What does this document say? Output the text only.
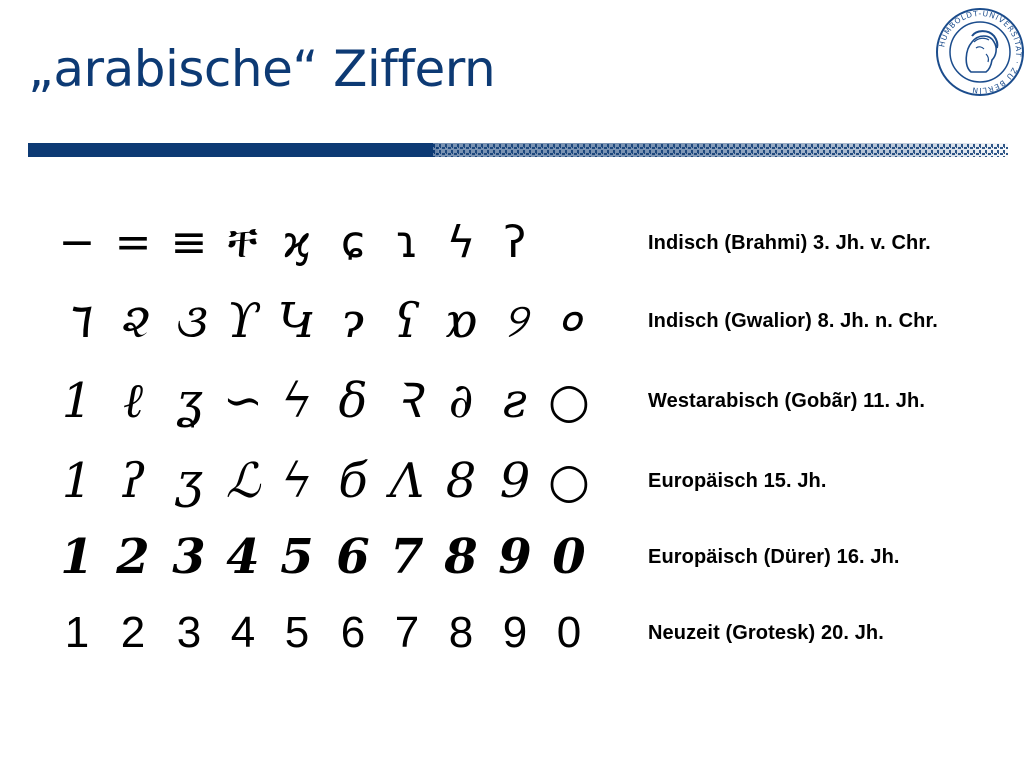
„arabische“ Ziffern	HUMBOLDT-UNIVERSITÄT · ZU BERLIN
− = ≡ ቸ ϗ ɕ ɿ ϟ ʔ	Indisch (Brahmi) 3. Jh. v. Chr.
٦ ૨ ૩ ϒ Կ ɂ ʕ ɒ ୨ ०	Indisch (Gwalior) 8. Jh. n. Chr.
1 ℓ ʓ ∽ ϟ δ Ꝛ ∂ ƨ ○	Westarabisch (Gobãr) 11. Jh.
1 ʔ ʒ ℒ ϟ б Λ 8 9 ○	Europäisch 15. Jh.
1 2 3 4 5 6 7 8 9 0	Europäisch (Dürer) 16. Jh.
1 2 3 4 5 6 7 8 9 0	Neuzeit (Grotesk) 20. Jh.
